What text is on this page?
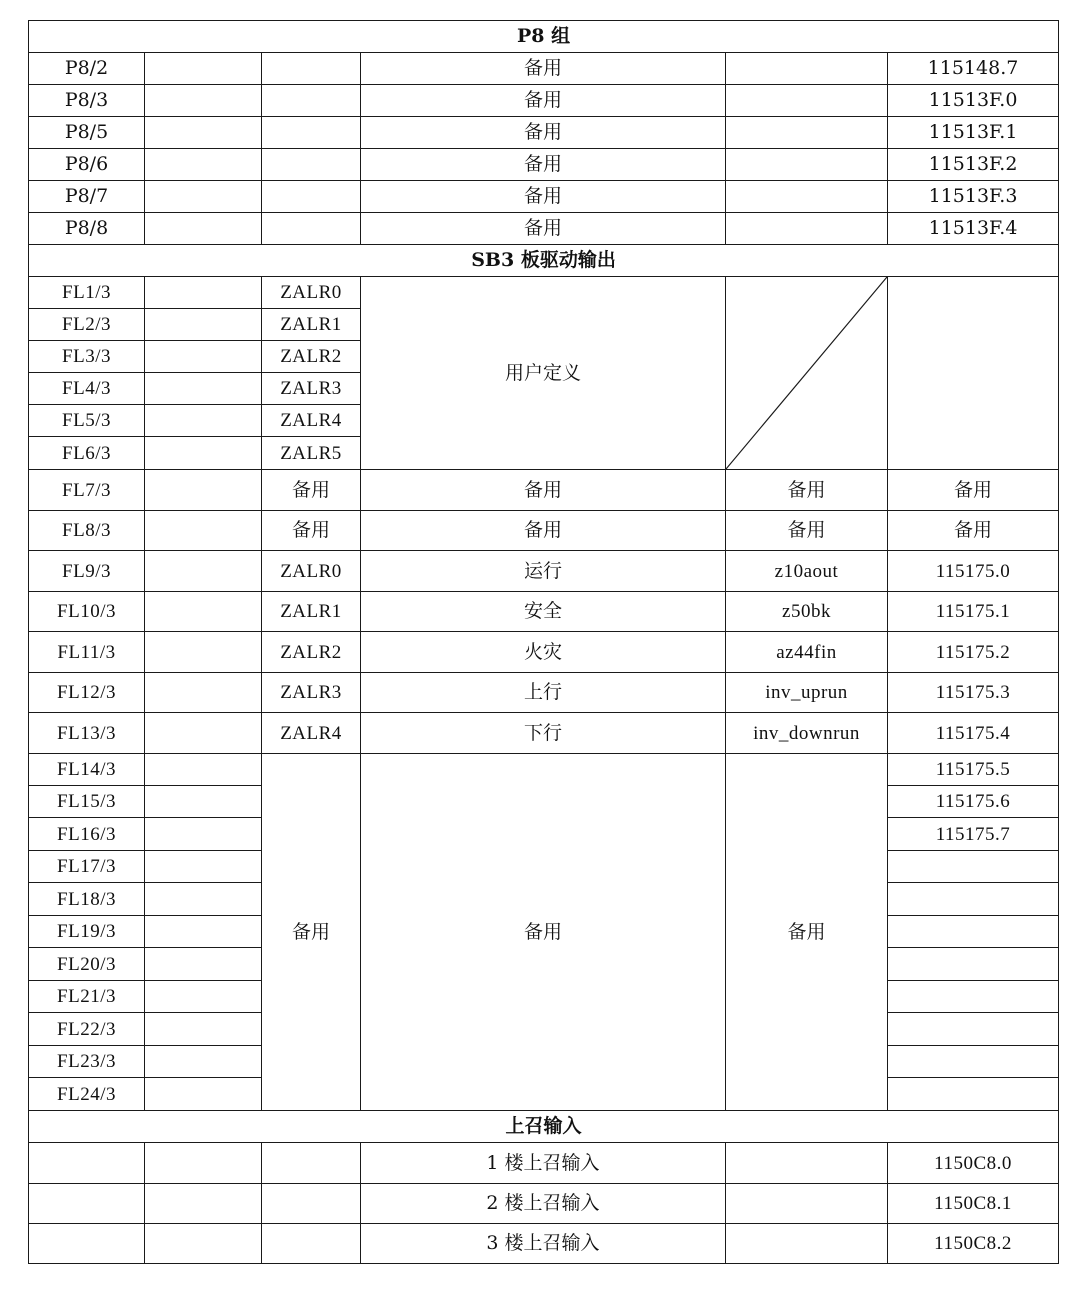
P8 组					
P8/2			备用		115148.7
P8/3			备用		11513F.0
P8/5			备用		11513F.1
P8/6			备用		11513F.2
P8/7			备用		11513F.3
P8/8			备用		11513F.4
SB3 板驱动输出					
FL1/3		ZALR0	用户定义	

FL2/3		ZALR1			
FL3/3		ZALR2			
FL4/3		ZALR3			
FL5/3		ZALR4			
FL6/3		ZALR5			
FL7/3		备用	备用	备用	备用
FL8/3		备用	备用	备用	备用
FL9/3		ZALR0	运行	z10aout	115175.0
FL10/3		ZALR1	安全	z50bk	115175.1
FL11/3		ZALR2	火灾	az44fin	115175.2
FL12/3		ZALR3	上行	inv_uprun	115175.3
FL13/3		ZALR4	下行	inv_downrun	115175.4
FL14/3		备用	备用	备用	115175.5
FL15/3					115175.6
FL16/3					115175.7
FL17/3					
FL18/3					
FL19/3					
FL20/3					
FL21/3					
FL22/3					
FL23/3					
FL24/3					
上召输入					
			1 楼上召输入		1150C8.0
			2 楼上召输入		1150C8.1
			3 楼上召输入		1150C8.2
